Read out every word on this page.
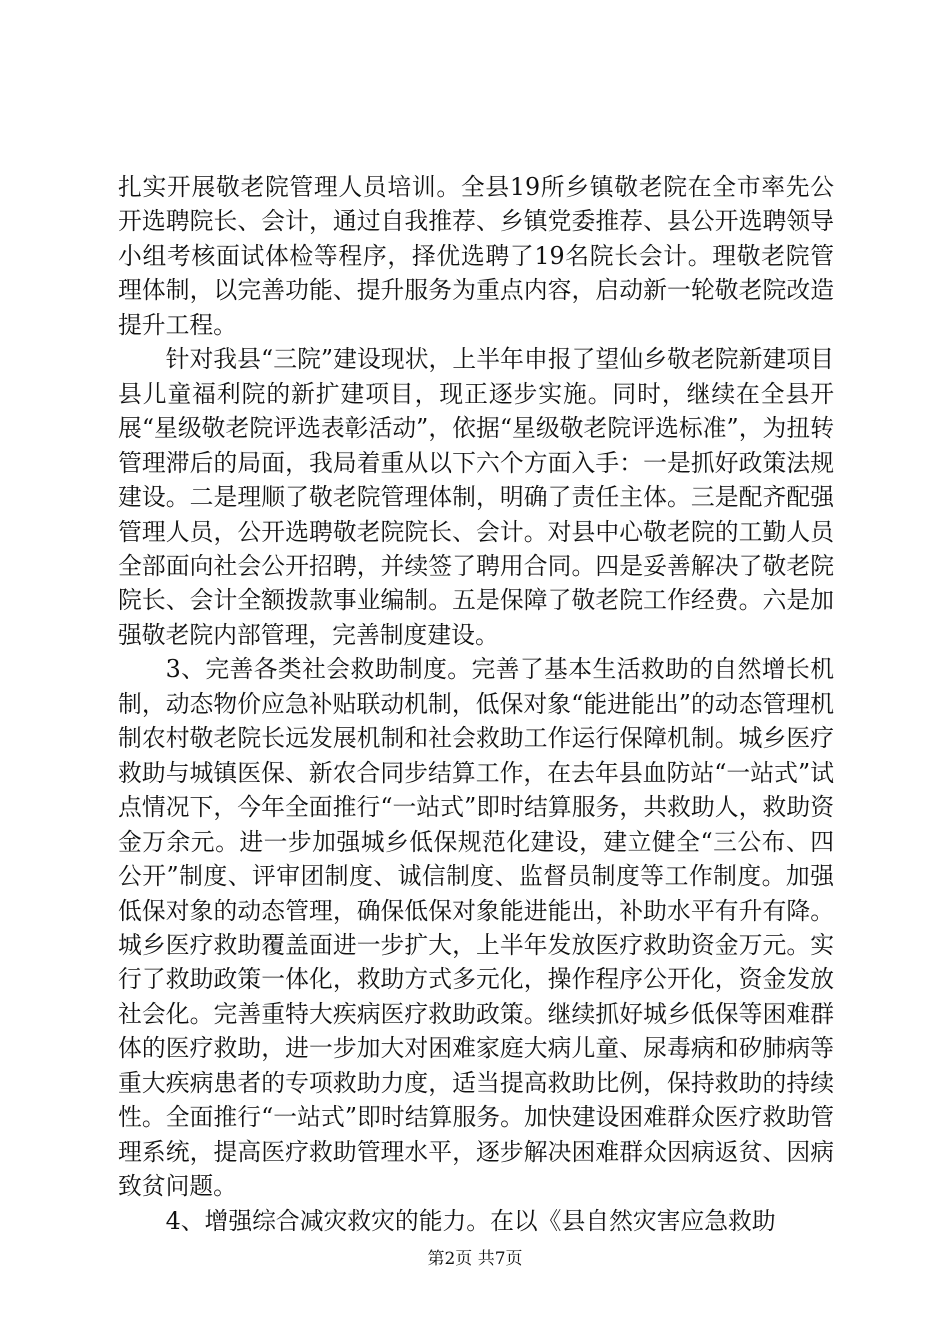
扎实开展敬老院管理人员培训。全县19所乡镇敬老院在全市率先公开选聘院长、会计，通过自我推荐、乡镇党委推荐、县公开选聘领导小组考核面试体检等程序，择优选聘了19名院长会计。理敬老院管理体制，以完善功能、提升服务为重点内容，启动新一轮敬老院改造提升工程。

针对我县“三院”建设现状，上半年申报了望仙乡敬老院新建项目县儿童福利院的新扩建项目，现正逐步实施。同时，继续在全县开展“星级敬老院评选表彰活动”，依据“星级敬老院评选标准”，为扭转管理滞后的局面，我局着重从以下六个方面入手：一是抓好政策法规建设。二是理顺了敬老院管理体制，明确了责任主体。三是配齐配强管理人员，公开选聘敬老院院长、会计。对县中心敬老院的工勤人员全部面向社会公开招聘，并续签了聘用合同。四是妥善解决了敬老院院长、会计全额拨款事业编制。五是保障了敬老院工作经费。六是加强敬老院内部管理，完善制度建设。

3、完善各类社会救助制度。完善了基本生活救助的自然增长机制，动态物价应急补贴联动机制，低保对象“能进能出”的动态管理机制农村敬老院长远发展机制和社会救助工作运行保障机制。城乡医疗救助与城镇医保、新农合同步结算工作，在去年县血防站“一站式”试点情况下，今年全面推行“一站式”即时结算服务，共救助人，救助资金万余元。进一步加强城乡低保规范化建设，建立健全“三公布、四公开”制度、评审团制度、诚信制度、监督员制度等工作制度。加强低保对象的动态管理，确保低保对象能进能出，补助水平有升有降。城乡医疗救助覆盖面进一步扩大，上半年发放医疗救助资金万元。实行了救助政策一体化，救助方式多元化，操作程序公开化，资金发放社会化。完善重特大疾病医疗救助政策。继续抓好城乡低保等困难群体的医疗救助，进一步加大对困难家庭大病儿童、尿毒病和矽肺病等重大疾病患者的专项救助力度，适当提高救助比例，保持救助的持续性。全面推行“一站式”即时结算服务。加快建设困难群众医疗救助管理系统，提高医疗救助管理水平，逐步解决困难群众因病返贫、因病致贫问题。

4、增强综合减灾救灾的能力。在以《县自然灾害应急救助

第2页 共7页
